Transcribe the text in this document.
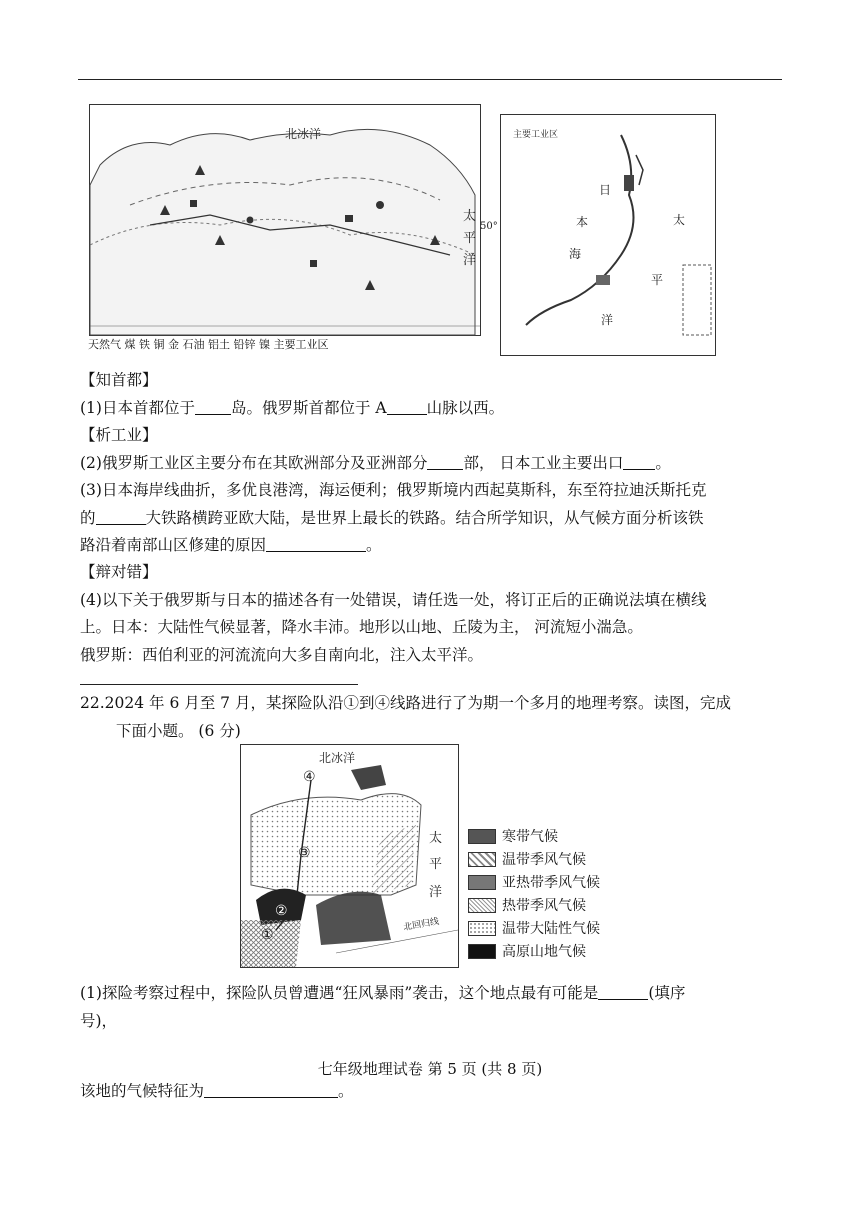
北冰洋
太
平
洋
50°
天然气 煤 铁 铜 金 石油 铝土 铅锌 镍 主要工业区
主要工业区
日
本
海
太
平
洋
【知首都】
(1)日本首都位于 岛。俄罗斯首都位于 A	山脉以西。
【析工业】
(2)俄罗斯工业区主要分布在其欧洲部分及亚洲部分 部， 日本工业主要出口 。
(3)日本海岸线曲折，多优良港湾，海运便利；俄罗斯境内西起莫斯科，东至符拉迪沃斯托克
的	大铁路横跨亚欧大陆，是世界上最长的铁路。结合所学知识，从气候方面分析该铁
路沿着南部山区修建的原因	。
【辩对错】
(4)以下关于俄罗斯与日本的描述各有一处错误，请任选一处，将订正后的正确说法填在横线
上。日本：大陆性气候显著，降水丰沛。地形以山地、丘陵为主， 河流短小湍急。
俄罗斯：西伯利亚的河流流向大多自南向北，注入太平洋。
22.2024 年 6 月至 7 月，某探险队沿①到④线路进行了为期一个多月的地理考察。读图，完成
下面小题。 (6 分)
北冰洋
太
平
洋
④
③
②
①
北回归线
寒带气候
温带季风气候
亚热带季风气候
热带季风气候
温带大陆性气候
高原山地气候
(1)探险考察过程中，探险队员曾遭遇“狂风暴雨”袭击，这个地点最有可能是	(填序
号)，
七年级地理试卷 第 5 页 (共 8 页)
该地的气候特征为	。
